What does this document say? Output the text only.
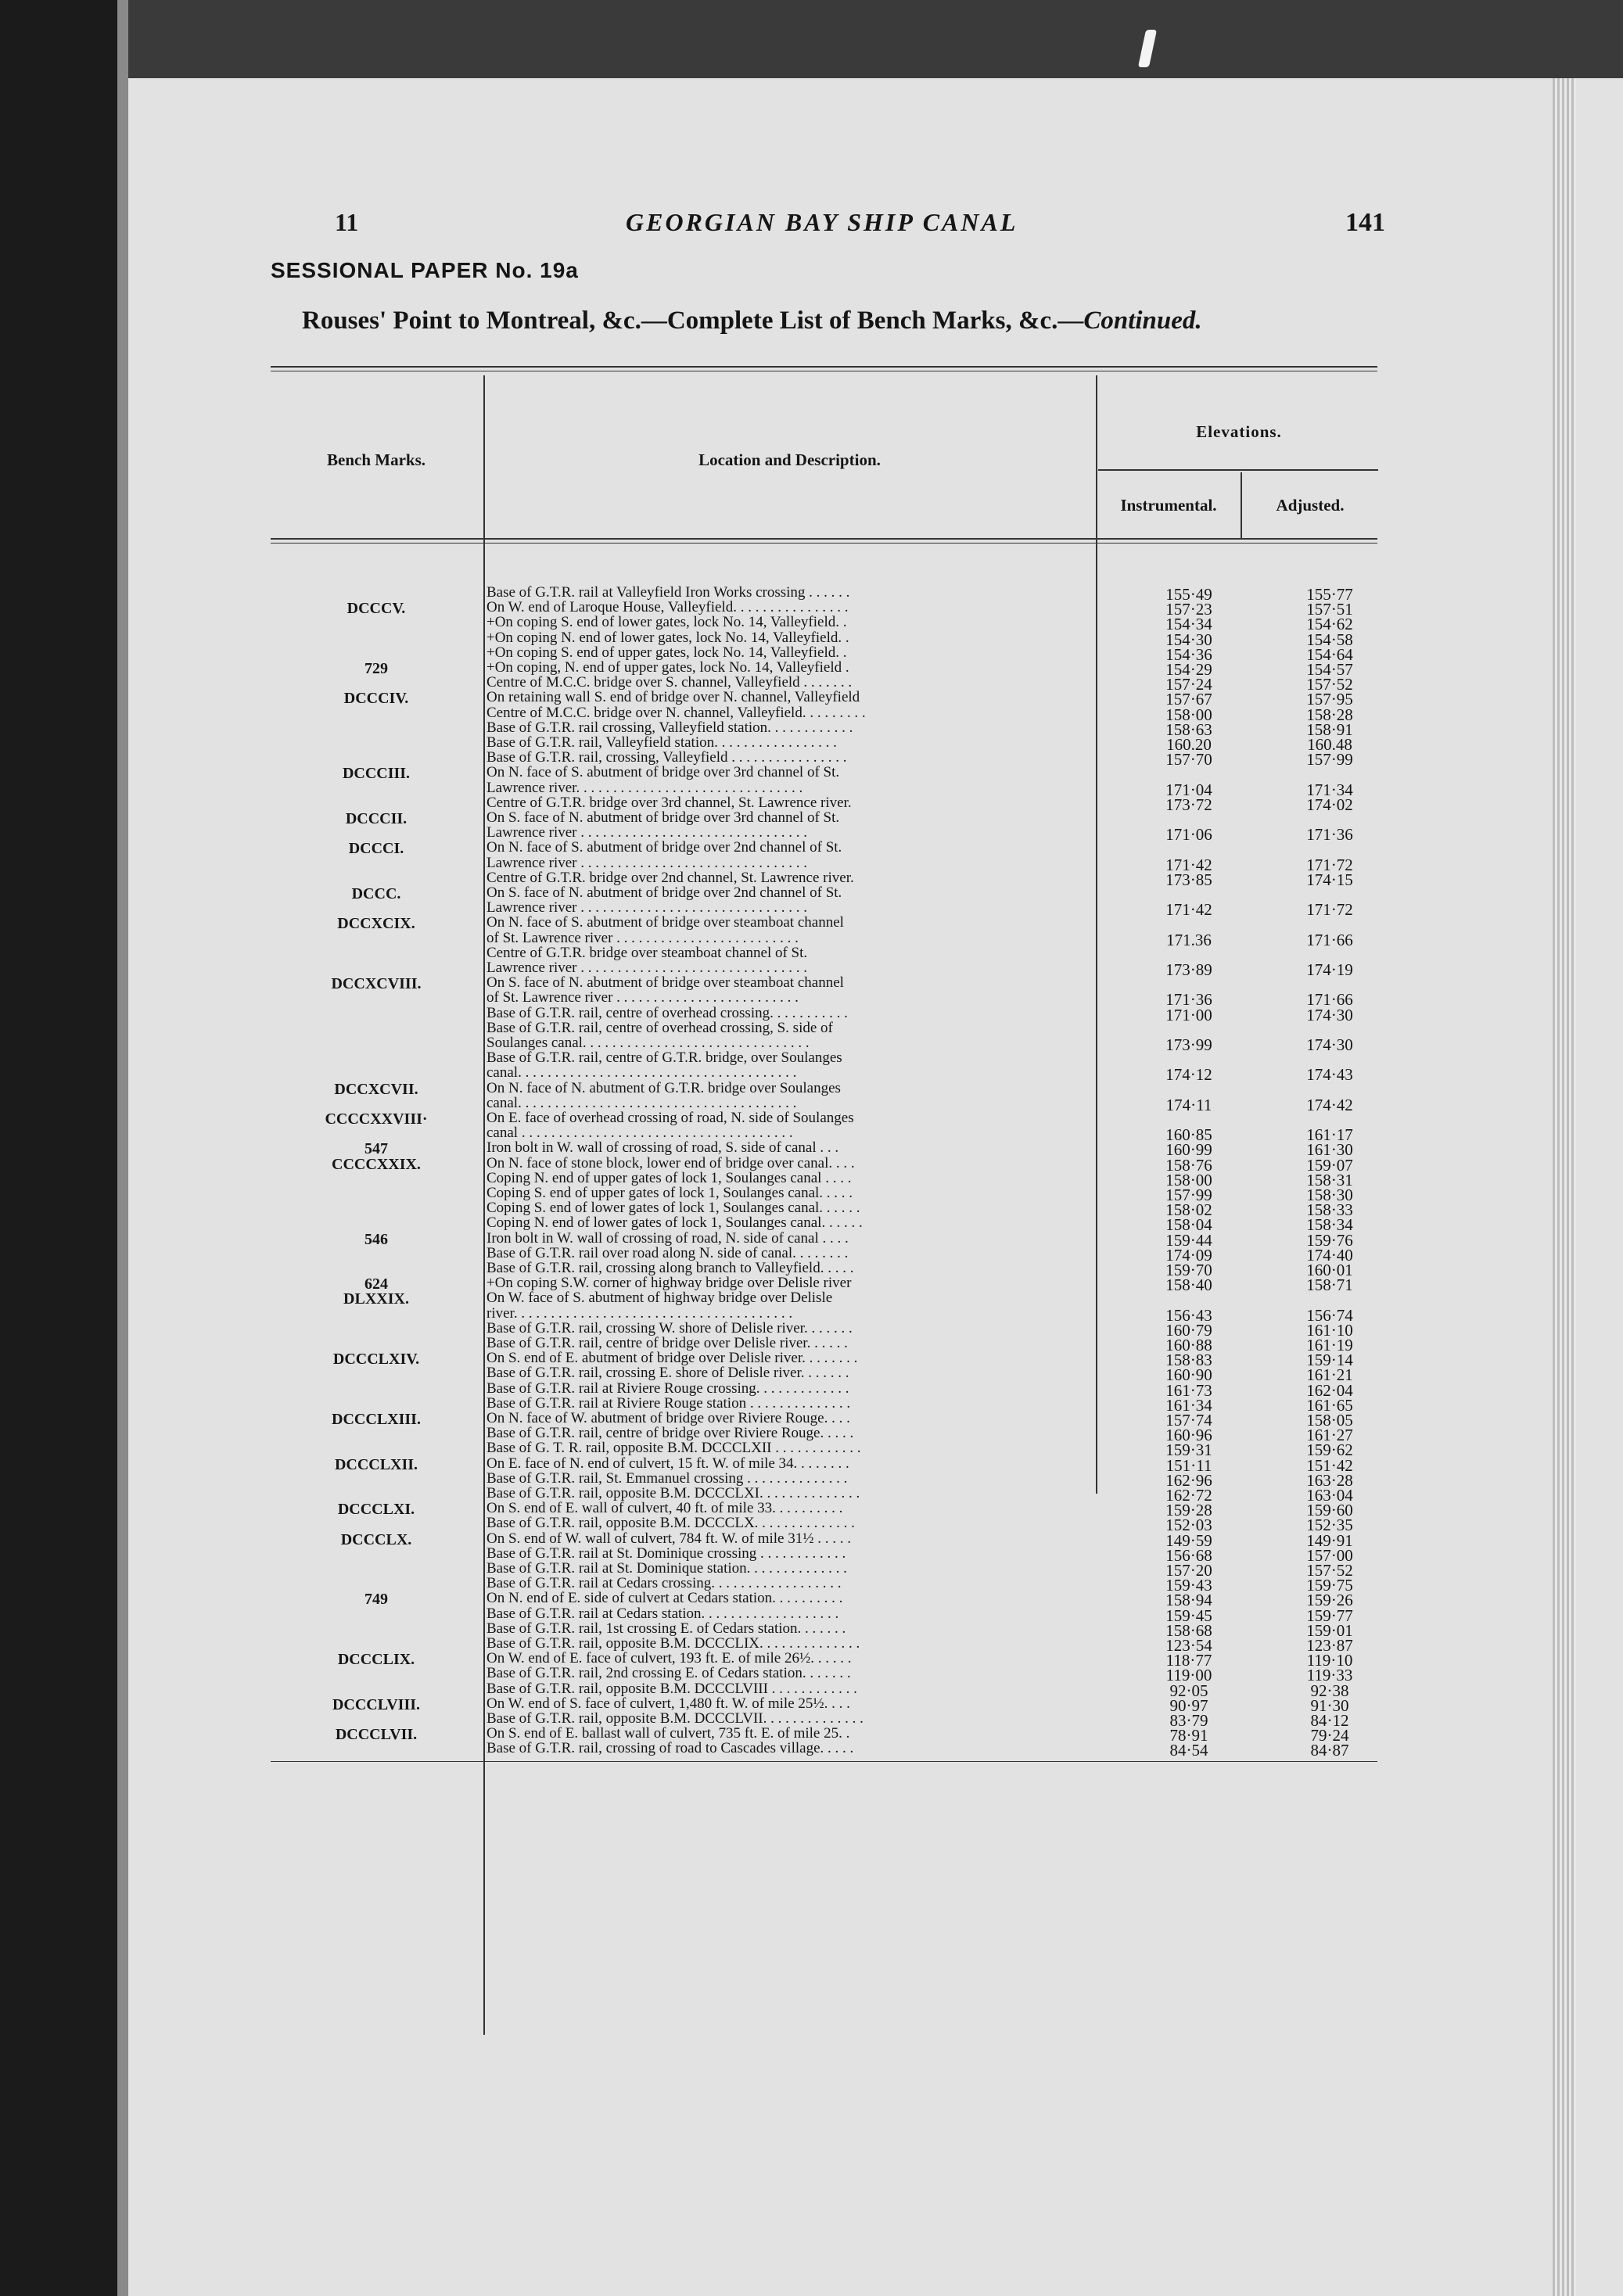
11	GEORGIAN BAY SHIP CANAL	141
SESSIONAL PAPER No. 19a
Rouses' Point to Montreal, &c.—Complete List of Bench Marks, &c.—Continued.
Bench Marks.	Location and Description.
Elevations.
Instrumental.	Adjusted.
Base of G.T.R. rail at Valleyfield Iron Works crossing . . . . . .	155·49	155·77
DCCCV.	On W. end of Laroque House, Valleyfield. . . . . . . . . . . . . . . .	157·23	157·51
+On coping S. end of lower gates, lock No. 14, Valleyfield. .	154·34	154·62
+On coping N. end of lower gates, lock No. 14, Valleyfield. .	154·30	154·58
+On coping S. end of upper gates, lock No. 14, Valleyfield. .	154·36	154·64
729	+On coping, N. end of upper gates, lock No. 14, Valleyfield .	154·29	154·57
Centre of M.C.C. bridge over S. channel, Valleyfield . . . . . . .	157·24	157·52
DCCCIV.	On retaining wall S. end of bridge over N. channel, Valleyfield	157·67	157·95
Centre of M.C.C. bridge over N. channel, Valleyfield. . . . . . . . .	158·00	158·28
Base of G.T.R. rail crossing, Valleyfield station. . . . . . . . . . . .	158·63	158·91
Base of G.T.R. rail, Valleyfield station. . . . . . . . . . . . . . . . .	160.20	160.48
Base of G.T.R. rail, crossing, Valleyfield . . . . . . . . . . . . . . . .	157·70	157·99
DCCCIII.	On N. face of S. abutment of bridge over 3rd channel of St.
Lawrence river. . . . . . . . . . . . . . . . . . . . . . . . . . . . . . .	171·04	171·34
Centre of G.T.R. bridge over 3rd channel, St. Lawrence river.	173·72	174·02
DCCCII.	On S. face of N. abutment of bridge over 3rd channel of St.
Lawrence river . . . . . . . . . . . . . . . . . . . . . . . . . . . . . . .	171·06	171·36
DCCCI.	On N. face of S. abutment of bridge over 2nd channel of St.
Lawrence river . . . . . . . . . . . . . . . . . . . . . . . . . . . . . . .	171·42	171·72
Centre of G.T.R. bridge over 2nd channel, St. Lawrence river.	173·85	174·15
DCCC.	On S. face of N. abutment of bridge over 2nd channel of St.
Lawrence river . . . . . . . . . . . . . . . . . . . . . . . . . . . . . . .	171·42	171·72
DCCXCIX.	On N. face of S. abutment of bridge over steamboat channel
of St. Lawrence river . . . . . . . . . . . . . . . . . . . . . . . . .	171.36	171·66
Centre of G.T.R. bridge over steamboat channel of St.
Lawrence river . . . . . . . . . . . . . . . . . . . . . . . . . . . . . . .	173·89	174·19
DCCXCVIII.	On S. face of N. abutment of bridge over steamboat channel
of St. Lawrence river . . . . . . . . . . . . . . . . . . . . . . . . .	171·36	171·66
Base of G.T.R. rail, centre of overhead crossing. . . . . . . . . . .	171·00	174·30
Base of G.T.R. rail, centre of overhead crossing, S. side of
Soulanges canal. . . . . . . . . . . . . . . . . . . . . . . . . . . . . . .	173·99	174·30
Base of G.T.R. rail, centre of G.T.R. bridge, over Soulanges
canal. . . . . . . . . . . . . . . . . . . . . . . . . . . . . . . . . . . . . .	174·12	174·43
DCCXCVII.	On N. face of N. abutment of G.T.R. bridge over Soulanges
canal. . . . . . . . . . . . . . . . . . . . . . . . . . . . . . . . . . . . . .	174·11	174·42
CCCCXXVIII·	On E. face of overhead crossing of road, N. side of Soulanges
canal . . . . . . . . . . . . . . . . . . . . . . . . . . . . . . . . . . . . .	160·85	161·17
547	Iron bolt in W. wall of crossing of road, S. side of canal . . .	160·99	161·30
CCCCXXIX.	On N. face of stone block, lower end of bridge over canal. . . .	158·76	159·07
Coping N. end of upper gates of lock 1, Soulanges canal . . . .	158·00	158·31
Coping S. end of upper gates of lock 1, Soulanges canal. . . . .	157·99	158·30
Coping S. end of lower gates of lock 1, Soulanges canal. . . . . .	158·02	158·33
Coping N. end of lower gates of lock 1, Soulanges canal. . . . . .	158·04	158·34
546	Iron bolt in W. wall of crossing of road, N. side of canal . . . .	159·44	159·76
Base of G.T.R. rail over road along N. side of canal. . . . . . . .	174·09	174·40
Base of G.T.R. rail, crossing along branch to Valleyfield. . . . .	159·70	160·01
624	+On coping S.W. corner of highway bridge over Delisle river	158·40	158·71
DLXXIX.	On W. face of S. abutment of highway bridge over Delisle
river. . . . . . . . . . . . . . . . . . . . . . . . . . . . . . . . . . . . . .	156·43	156·74
Base of G.T.R. rail, crossing W. shore of Delisle river. . . . . . .	160·79	161·10
Base of G.T.R. rail, centre of bridge over Delisle river. . . . . .	160·88	161·19
DCCCLXIV.	On S. end of E. abutment of bridge over Delisle river. . . . . . . .	158·83	159·14
Base of G.T.R. rail, crossing E. shore of Delisle river. . . . . . .	160·90	161·21
Base of G.T.R. rail at Riviere Rouge crossing. . . . . . . . . . . . .	161·73	162·04
Base of G.T.R. rail at Riviere Rouge station . . . . . . . . . . . . . .	161·34	161·65
DCCCLXIII.	On N. face of W. abutment of bridge over Riviere Rouge. . . .	157·74	158·05
Base of G.T.R. rail, centre of bridge over Riviere Rouge. . . . .	160·96	161·27
Base of G. T. R. rail, opposite B.M. DCCCLXII . . . . . . . . . . . .	159·31	159·62
DCCCLXII.	On E. face of N. end of culvert, 15 ft. W. of mile 34. . . . . . . .	151·11	151·42
Base of G.T.R. rail, St. Emmanuel crossing . . . . . . . . . . . . . .	162·96	163·28
Base of G.T.R. rail, opposite B.M. DCCCLXI. . . . . . . . . . . . . .	162·72	163·04
DCCCLXI.	On S. end of E. wall of culvert, 40 ft. of mile 33. . . . . . . . . .	159·28	159·60
Base of G.T.R. rail, opposite B.M. DCCCLX. . . . . . . . . . . . . .	152·03	152·35
DCCCLX.	On S. end of W. wall of culvert, 784 ft. W. of mile 31½ . . . . .	149·59	149·91
Base of G.T.R. rail at St. Dominique crossing . . . . . . . . . . . .	156·68	157·00
Base of G.T.R. rail at St. Dominique station. . . . . . . . . . . . . .	157·20	157·52
Base of G.T.R. rail at Cedars crossing. . . . . . . . . . . . . . . . . .	159·43	159·75
749	On N. end of E. side of culvert at Cedars station. . . . . . . . . .	158·94	159·26
Base of G.T.R. rail at Cedars station. . . . . . . . . . . . . . . . . . .	159·45	159·77
Base of G.T.R. rail, 1st crossing E. of Cedars station. . . . . . .	158·68	159·01
Base of G.T.R. rail, opposite B.M. DCCCLIX. . . . . . . . . . . . . .	123·54	123·87
DCCCLIX.	On W. end of E. face of culvert, 193 ft. E. of mile 26½. . . . . .	118·77	119·10
Base of G.T.R. rail, 2nd crossing E. of Cedars station. . . . . . .	119·00	119·33
Base of G.T.R. rail, opposite B.M. DCCCLVIII . . . . . . . . . . . .	92·05	92·38
DCCCLVIII.	On W. end of S. face of culvert, 1,480 ft. W. of mile 25½. . . .	90·97	91·30
Base of G.T.R. rail, opposite B.M. DCCCLVII. . . . . . . . . . . . . .	83·79	84·12
DCCCLVII.	On S. end of E. ballast wall of culvert, 735 ft. E. of mile 25. .	78·91	79·24
Base of G.T.R. rail, crossing of road to Cascades village. . . . .	84·54	84·87
